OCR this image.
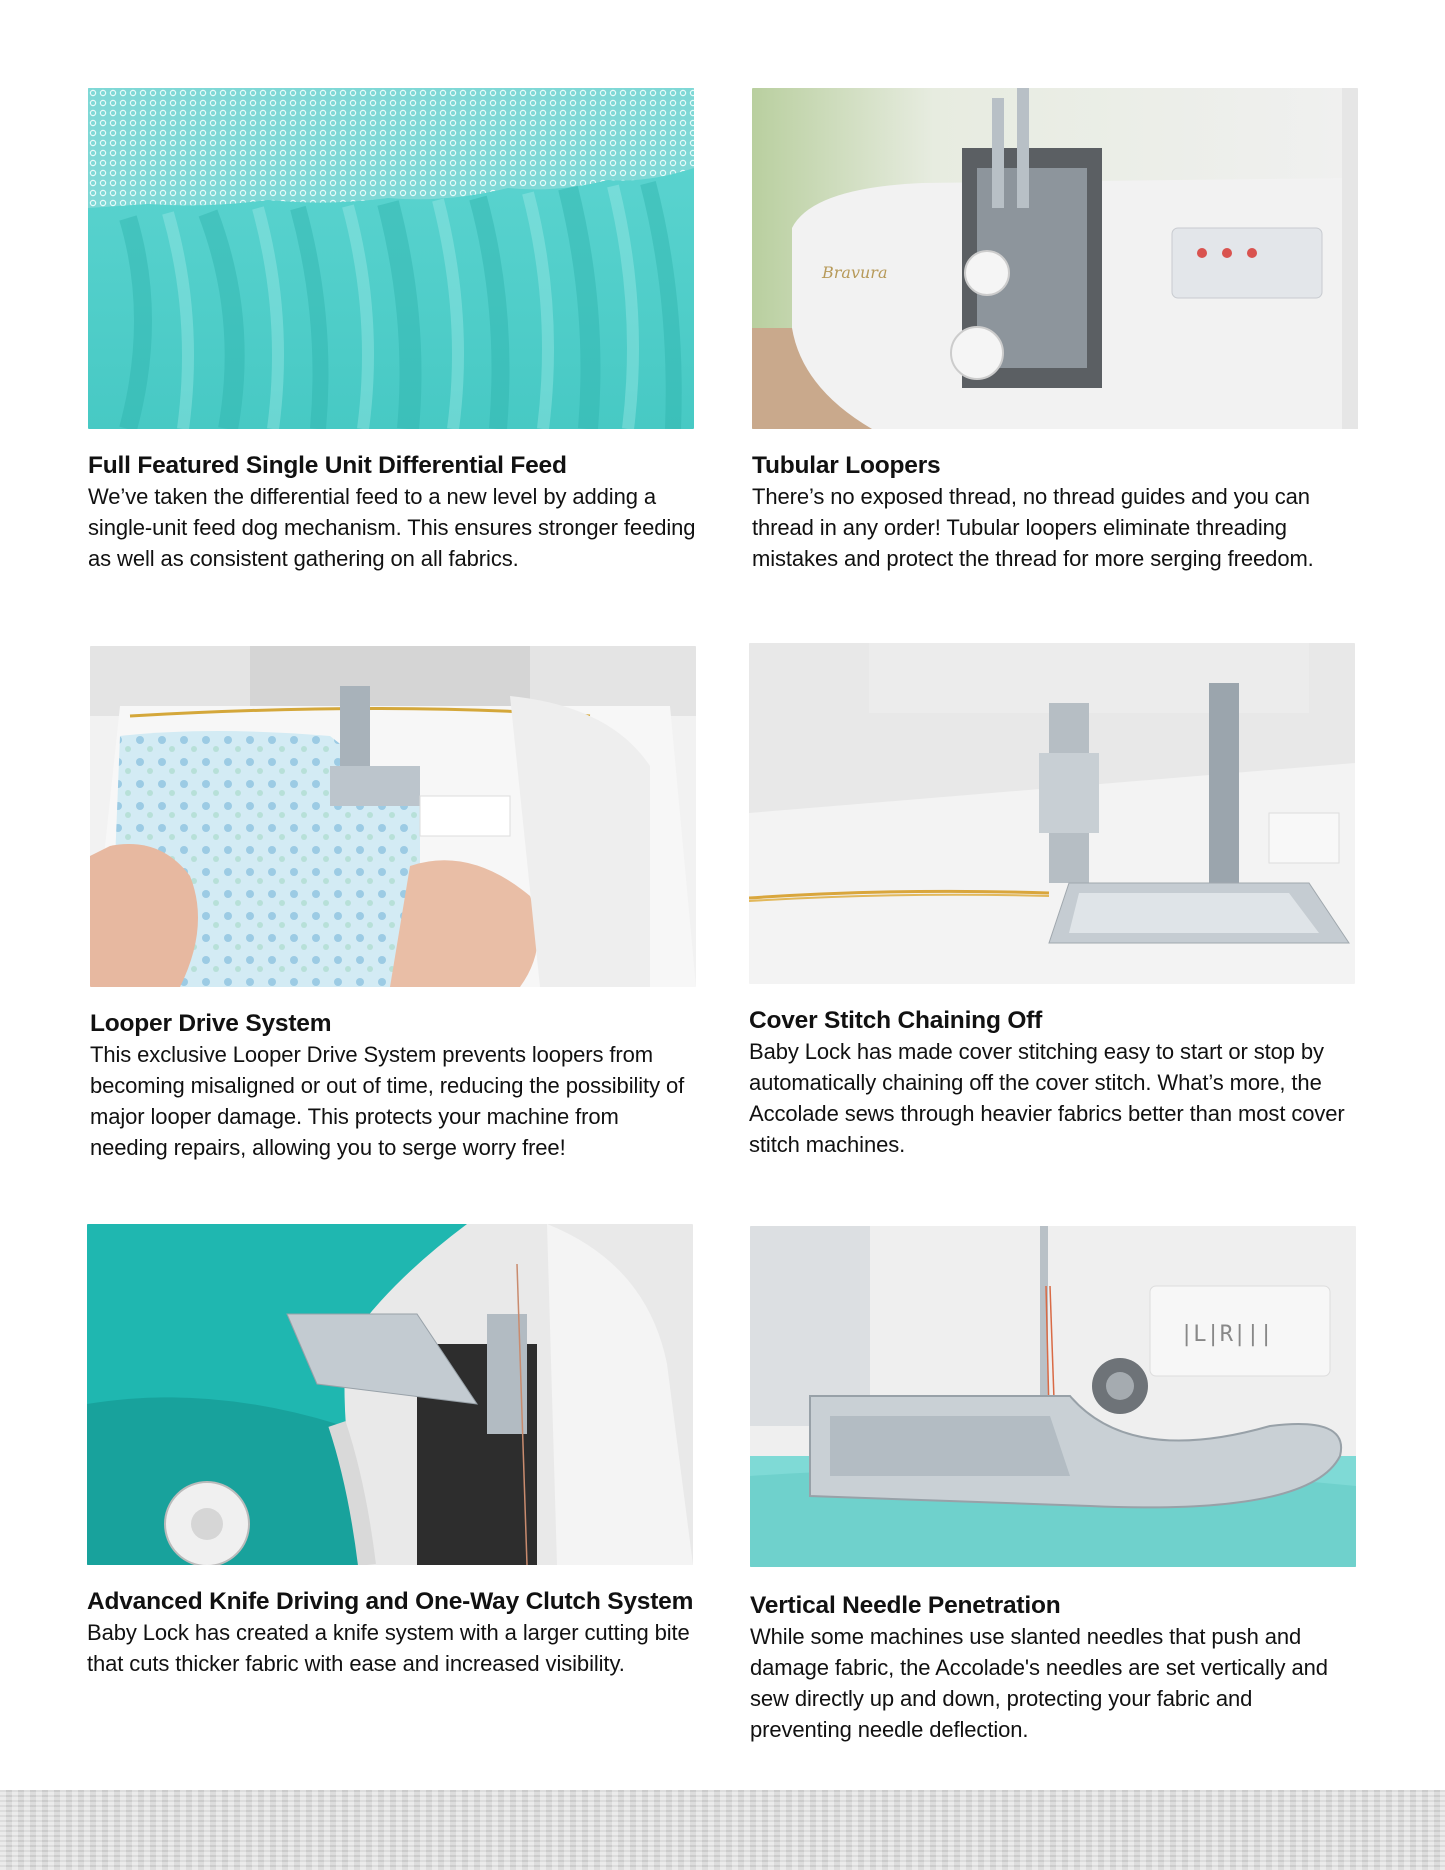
Full Featured Single Unit Differential Feed

We’ve taken the differential feed to a new level by adding a single-unit feed dog mechanism. This ensures stronger feeding as well as consistent gathering on all fabrics.

Bravura
Tubular Loopers

There’s no exposed thread, no thread guides and you can thread in any order! Tubular loopers eliminate threading mistakes and protect the thread for more serging freedom.

Looper Drive System

This exclusive Looper Drive System prevents loopers from becoming misaligned or out of time, reducing the possibility of major looper damage. This protects your machine from needing repairs, allowing you to serge worry free!

Cover Stitch Chaining Off

Baby Lock has made cover stitching easy to start or stop by automatically chaining off the cover stitch. What’s more, the Accolade sews through heavier fabrics better than most cover stitch machines.

Advanced Knife Driving and One-Way Clutch System

Baby Lock has created a knife system with a larger cutting bite that cuts thicker fabric with ease and increased visibility.

|L|R|||
Vertical Needle Penetration

While some machines use slanted needles that push and damage fabric, the Accolade's needles are set vertically and sew directly up and down, protecting your fabric and preventing needle deflection.
